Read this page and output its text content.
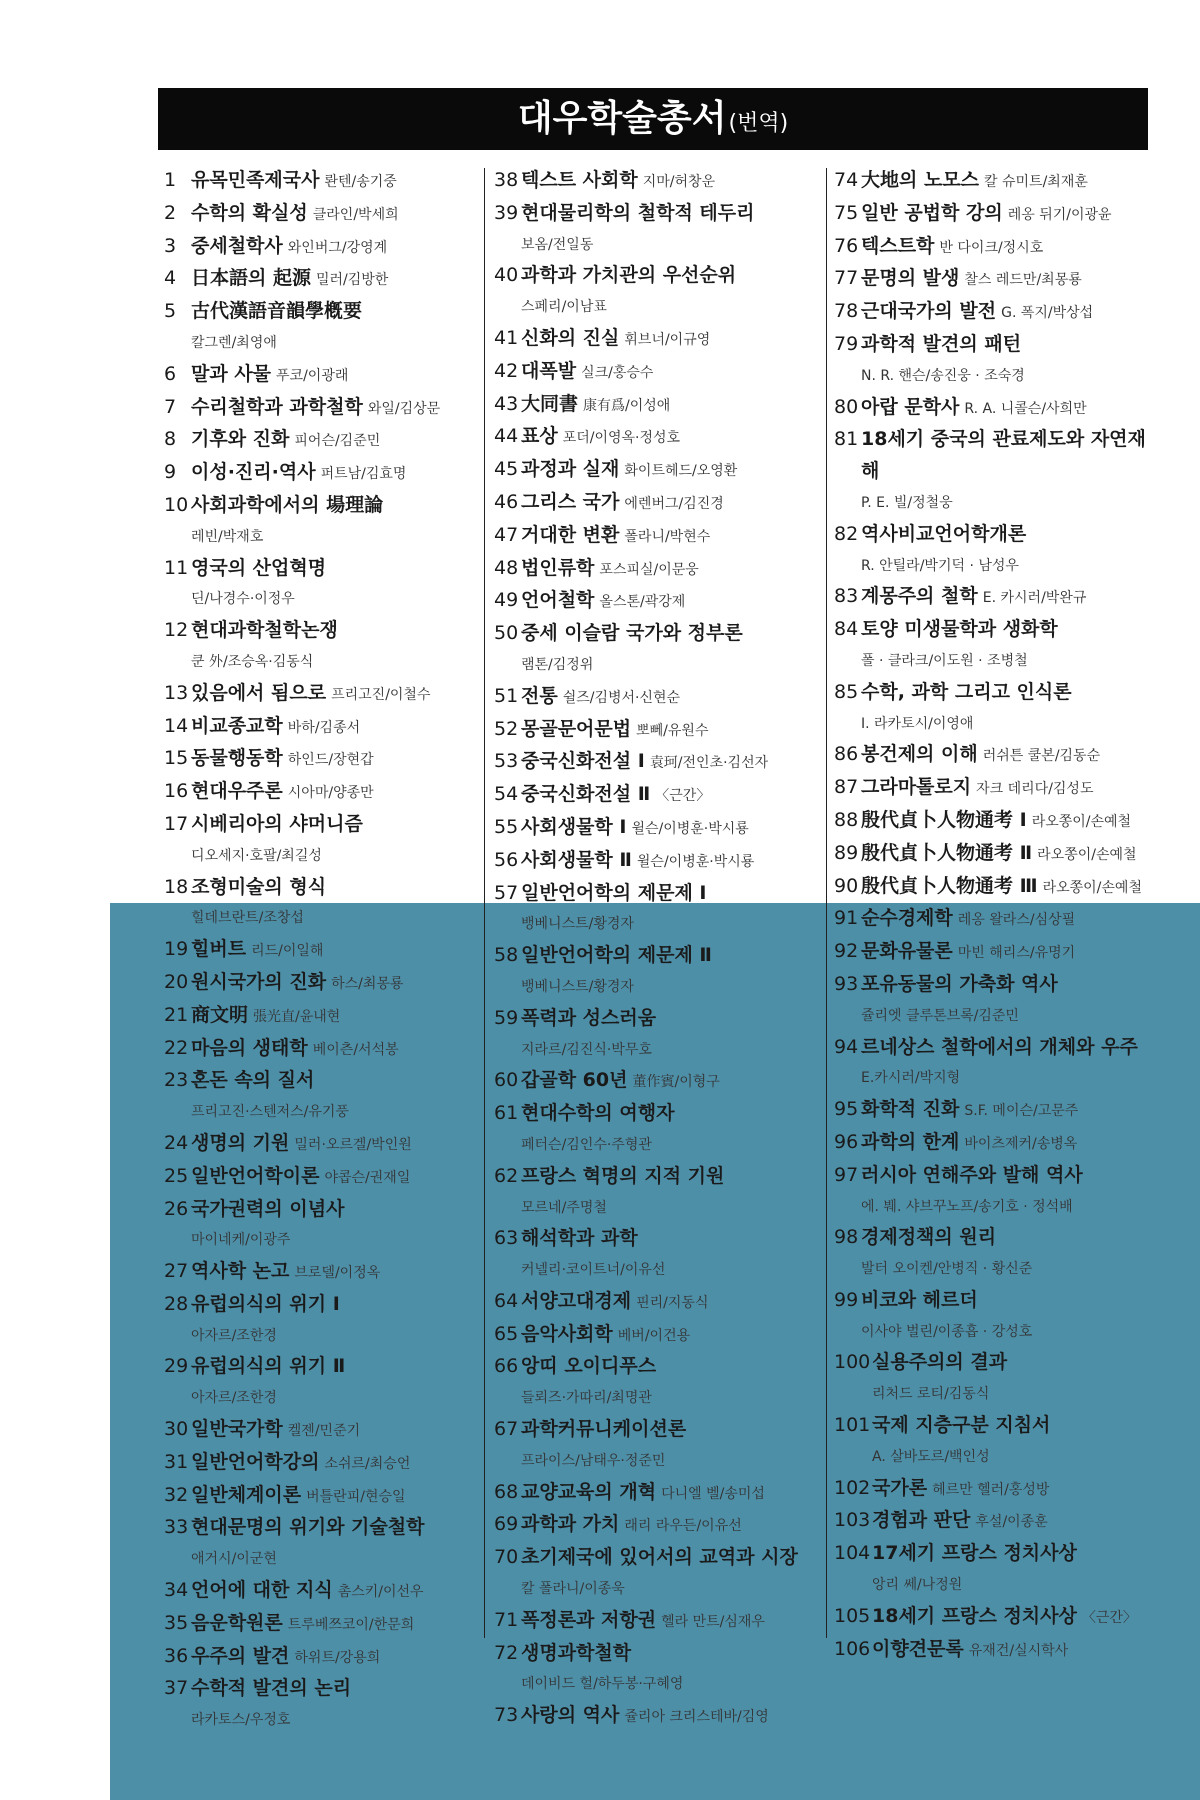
대우학술총서(번역)
1 유목민족제국사 롼텐/송기중
2 수학의 확실성 클라인/박세희
3 중세철학사 와인버그/강영계
4 日本語의 起源 밀러/김방한
5 古代漢語音韻學槪要
칼그렌/최영애
6 말과 사물 푸코/이광래
7 수리철학과 과학철학 와일/김상문
8 기후와 진화 피어슨/김준민
9 이성·진리·역사 퍼트남/김효명
10 사회과학에서의 場理論
레빈/박재호
11 영국의 산업혁명
딘/나경수·이정우
12 현대과학철학논쟁
쿤 外/조승옥·김동식
13 있음에서 됨으로 프리고진/이철수
14 비교종교학 바하/김종서
15 동물행동학 하인드/장현갑
16 현대우주론 시아마/양종만
17 시베리아의 샤머니즘
디오세지·호팔/최길성
18 조형미술의 형식
힐데브란트/조창섭
19 힐버트 리드/이일해
20 원시국가의 진화 하스/최몽룡
21 商文明 張光直/윤내현
22 마음의 생태학 베이츤/서석봉
23 혼돈 속의 질서
프리고진·스텐저스/유기풍
24 생명의 기원 밀러·오르겔/박인원
25 일반언어학이론 야콥슨/권재일
26 국가권력의 이념사
마이네케/이광주
27 역사학 논고 브로델/이정옥
28 유럽의식의 위기 Ⅰ
아자르/조한경
29 유럽의식의 위기 Ⅱ
아자르/조한경
30 일반국가학 켈젠/민준기
31 일반언어학강의 소쉬르/최승언
32 일반체계이론 버틀란피/현승일
33 현대문명의 위기와 기술철학
애거시/이군현
34 언어에 대한 지식 촘스키/이선우
35 음운학원론 트루베쯔코이/한문희
36 우주의 발견 하위트/강용희
37 수학적 발견의 논리
라카토스/우정호
38 텍스트 사회학 지마/허창운
39 현대물리학의 철학적 테두리
보옴/전일동
40 과학과 가치관의 우선순위
스페리/이남표
41 신화의 진실 휘브너/이규영
42 대폭발 실크/홍승수
43 大同書 康有爲/이성애
44 표상 포더/이영옥·정성호
45 과정과 실재 화이트헤드/오영환
46 그리스 국가 에렌버그/김진경
47 거대한 변환 폴라니/박현수
48 법인류학 포스피실/이문웅
49 언어철학 올스톤/곽강제
50 중세 이슬람 국가와 정부론
램톤/김정위
51 전통 쉴즈/김병서·신현순
52 몽골문어문법 뽀뻬/유원수
53 중국신화전설 Ⅰ 袁珂/전인초·김선자
54 중국신화전설 Ⅱ 〈근간〉
55 사회생물학 Ⅰ 윌슨/이병훈·박시룡
56 사회생물학 Ⅱ 윌슨/이병훈·박시룡
57 일반언어학의 제문제 Ⅰ
뱅베니스트/황경자
58 일반언어학의 제문제 Ⅱ
뱅베니스트/황경자
59 폭력과 성스러움
지라르/김진식·박무호
60 갑골학 60년 董作賓/이형구
61 현대수학의 여행자
페터슨/김인수·주형관
62 프랑스 혁명의 지적 기원
모르네/주명철
63 해석학과 과학
커넬리·코이트너/이유선
64 서양고대경제 핀리/지동식
65 음악사회학 베버/이건용
66 앙띠 오이디푸스
들뢰즈·가따리/최명관
67 과학커뮤니케이션론
프라이스/남태우·정준민
68 교양교육의 개혁 다니엘 벨/송미섭
69 과학과 가치 래리 라우든/이유선
70 초기제국에 있어서의 교역과 시장
칼 폴라니/이종욱
71 폭정론과 저항권 헬라 만트/심재우
72 생명과학철학
데이비드 헐/하두봉·구혜영
73 사랑의 역사 쥴리아 크리스테바/김영
74 大地의 노모스 칼 슈미트/최재훈
75 일반 공법학 강의 레옹 뒤기/이광윤
76 텍스트학 반 다이크/정시호
77 문명의 발생 찰스 레드만/최몽룡
78 근대국가의 발전 G. 폭지/박상섭
79 과학적 발견의 패턴
N. R. 핸슨/송진웅 · 조숙경
80 아랍 문학사 R. A. 니콜슨/사희만
81 18세기 중국의 관료제도와 자연재해
P. E. 빌/정철웅
82 역사비교언어학개론
R. 안틸라/박기덕 · 남성우
83 계몽주의 철학 E. 카시러/박완규
84 토양 미생물학과 생화학
폴 · 클라크/이도원 · 조병철
85 수학, 과학 그리고 인식론
I. 라카토시/이영애
86 봉건제의 이해 러쉬튼 쿨본/김동순
87 그라마톨로지 자크 데리다/김성도
88 殷代貞卜人物通考 Ⅰ 라오쫑이/손예철
89 殷代貞卜人物通考 Ⅱ 라오쫑이/손예철
90 殷代貞卜人物通考 Ⅲ 라오쫑이/손예철
91 순수경제학 레옹 왈라스/심상필
92 문화유물론 마빈 해리스/유명기
93 포유동물의 가축화 역사
쥴리엣 클루톤브록/김준민
94 르네상스 철학에서의 개체와 우주
E.카시러/박지형
95 화학적 진화 S.F. 메이슨/고문주
96 과학의 한계 바이츠제커/송병옥
97 러시아 연해주와 발해 역사
에. 붸. 샤브꾸노프/송기호 · 정석배
98 경제정책의 원리
발터 오이켄/안병직 · 황신준
99 비코와 헤르더
이사야 벌린/이종흡 · 강성호
100 실용주의의 결과
리처드 로티/김동식
101 국제 지층구분 지침서
A. 살바도르/백인성
102 국가론 헤르만 헬러/홍성방
103 경험과 판단 후설/이종훈
104 17세기 프랑스 정치사상
앙리 쎄/나정원
105 18세기 프랑스 정치사상 〈근간〉
106 이향견문록 유재건/실시학사
